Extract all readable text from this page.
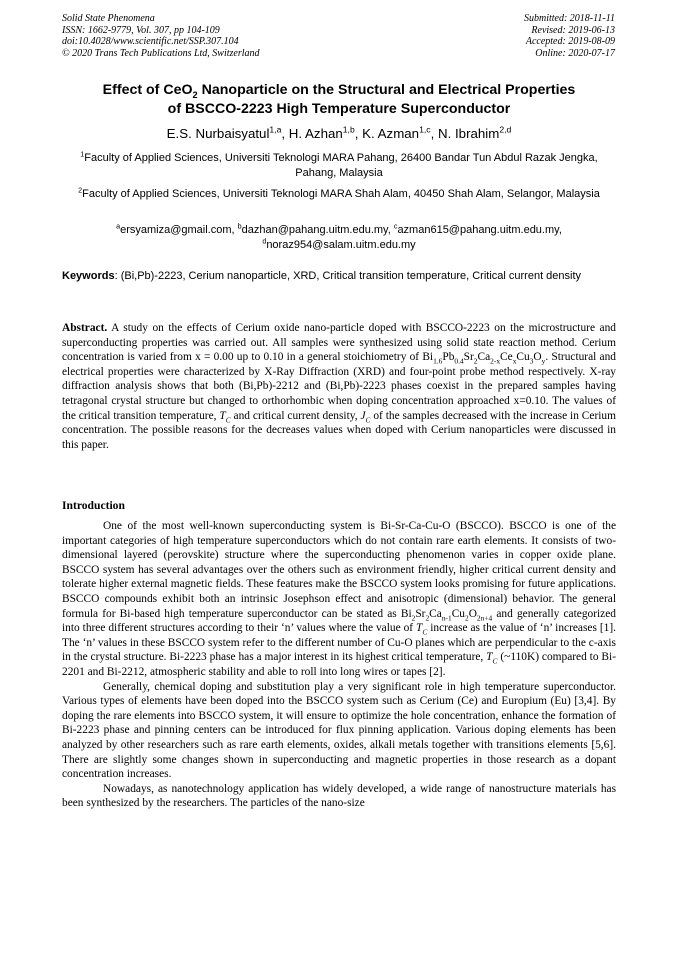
Solid State Phenomena
ISSN: 1662-9779, Vol. 307, pp 104-109
doi:10.4028/www.scientific.net/SSP.307.104
© 2020 Trans Tech Publications Ltd, Switzerland
Submitted: 2018-11-11
Revised: 2019-06-13
Accepted: 2019-08-09
Online: 2020-07-17
Effect of CeO$_2$ Nanoparticle on the Structural and Electrical Properties
of BSCCO-2223 High Temperature Superconductor
E.S. Nurbaisyatul$^{1,a}$, H. Azhan$^{1,b}$, K. Azman$^{1,c}$, N. Ibrahim$^{2,d}$
$^1$Faculty of Applied Sciences, Universiti Teknologi MARA Pahang, 26400 Bandar Tun Abdul Razak Jengka, Pahang, Malaysia
$^2$Faculty of Applied Sciences, Universiti Teknologi MARA Shah Alam, 40450 Shah Alam, Selangor, Malaysia
$^a$ersyamiza@gmail.com, $^b$dazhan@pahang.uitm.edu.my, $^c$azman615@pahang.uitm.edu.my,
$^d$noraz954@salam.uitm.edu.my
Keywords: (Bi,Pb)-2223, Cerium nanoparticle, XRD, Critical transition temperature, Critical current density
Abstract. A study on the effects of Cerium oxide nano-particle doped with BSCCO-2223 on the microstructure and superconducting properties was carried out. All samples were synthesized using solid state reaction method. Cerium concentration is varied from x = 0.00 up to 0.10 in a general stoichiometry of $Bi_{1.6}Pb_{0.4}Sr_2Ca_{2-x}Ce_xCu_3O_y$. Structural and electrical properties were characterized by X-Ray Diffraction (XRD) and four-point probe method respectively. X-ray diffraction analysis shows that both (Bi,Pb)-2212 and (Bi,Pb)-2223 phases coexist in the prepared samples having tetragonal crystal structure but changed to orthorhombic when doping concentration approached x=0.10. The values of the critical transition temperature, $T_C$ and critical current density, $J_C$ of the samples decreased with the increase in Cerium concentration. The possible reasons for the decreases values when doped with Cerium nanoparticles were discussed in this paper.
Introduction

One of the most well-known superconducting system is Bi-Sr-Ca-Cu-O (BSCCO). BSCCO is one of the important categories of high temperature superconductors which do not contain rare earth elements. It consists of two-dimensional layered (perovskite) structure where the superconducting phenomenon varies in copper oxide plane. BSCCO system has several advantages over the others such as environment friendly, higher critical current density and tolerate higher external magnetic fields. These features make the BSCCO system looks promising for future applications. BSCCO compounds exhibit both an intrinsic Josephson effect and anisotropic (dimensional) behavior. The general formula for Bi-based high temperature superconductor can be stated as $Bi_2Sr_2Ca_{n-1}Cu_2O_{2n+4}$ and generally categorized into three different structures according to their ‘n’ values where the value of $T_C$ increase as the value of ‘n’ increases [1]. The ‘n’ values in these BSCCO system refer to the different number of Cu-O planes which are perpendicular to the c-axis in the crystal structure. Bi-2223 phase has a major interest in its highest critical temperature, $T_C$ (~110K) compared to Bi-2201 and Bi-2212, atmospheric stability and able to roll into long wires or tapes [2].

Generally, chemical doping and substitution play a very significant role in high temperature superconductor. Various types of elements have been doped into the BSCCO system such as Cerium (Ce) and Europium (Eu) [3,4]. By doping the rare elements into BSCCO system, it will ensure to optimize the hole concentration, enhance the formation of Bi-2223 phase and pinning centers can be introduced for flux pinning application. Various doping elements has been analyzed by other researchers such as rare earth elements, oxides, alkali metals together with transitions elements [5,6]. There are slightly some changes shown in superconducting and magnetic properties in those research as a dopant concentration increases.

Nowadays, as nanotechnology application has widely developed, a wide range of nanostructure materials has been synthesized by the researchers. The particles of the nano-size
